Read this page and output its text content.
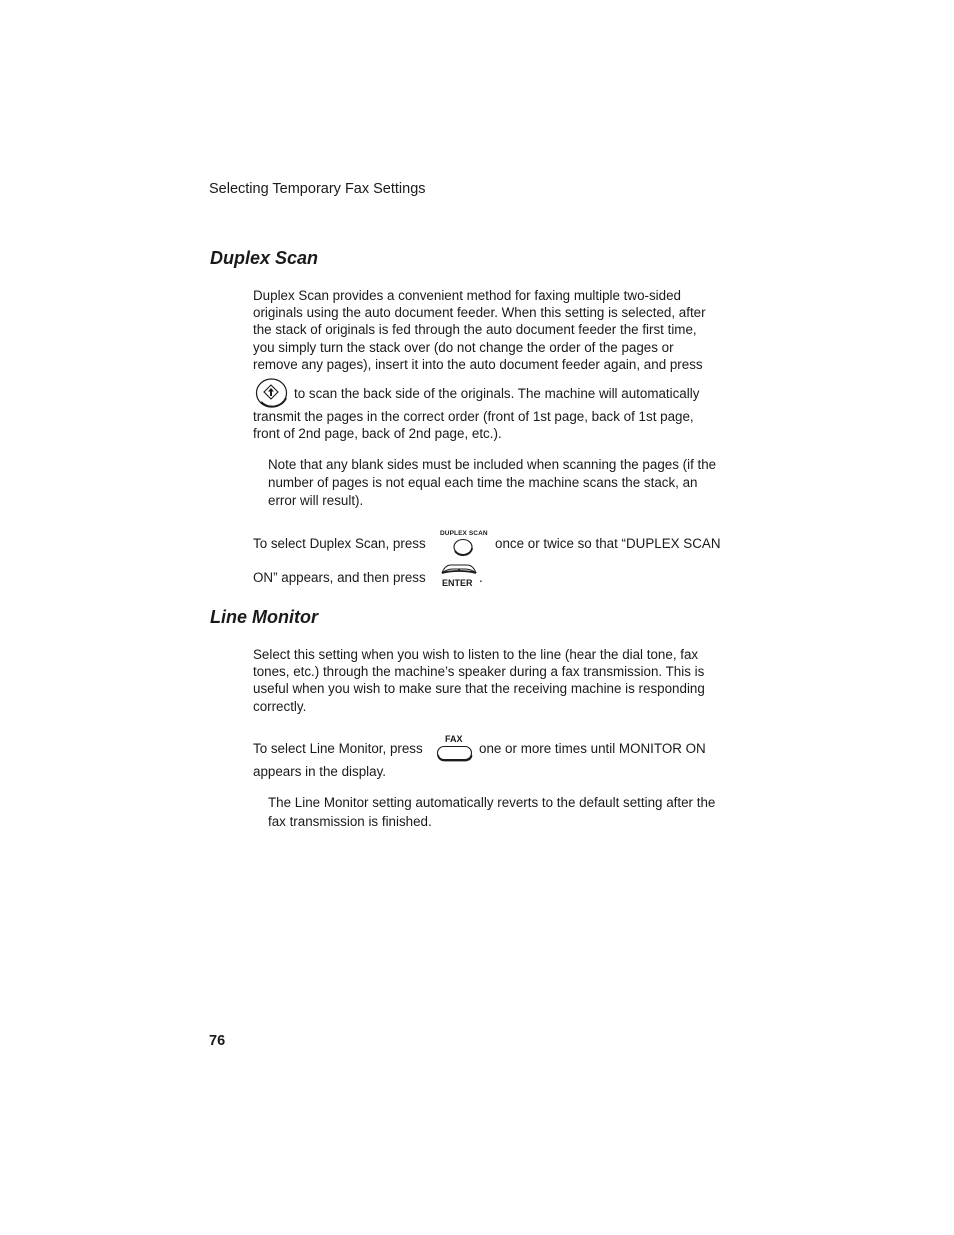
Selecting Temporary Fax Settings
Duplex Scan
Duplex Scan provides a convenient method for faxing multiple two-sided
originals using the auto document feeder. When this setting is selected, after
the stack of originals is fed through the auto document feeder the first time,
you simply turn the stack over (do not change the order of the pages or
remove any pages), insert it into the auto document feeder again, and press
to scan the back side of the originals. The machine will automatically
transmit the pages in the correct order (front of 1st page, back of 1st page,
front of 2nd page, back of 2nd page, etc.).
Note that any blank sides must be included when scanning the pages (if the
number of pages is not equal each time the machine scans the stack, an
error will result).
To select Duplex Scan, press
DUPLEX SCAN
once or twice so that “DUPLEX SCAN
ON” appears, and then press ENTER .
Line Monitor
Select this setting when you wish to listen to the line (hear the dial tone, fax
tones, etc.) through the machine’s speaker during a fax transmission. This is
useful when you wish to make sure that the receiving machine is responding
correctly.
To select Line Monitor, press
FAX
one or more times until MONITOR ON
appears in the display.
The Line Monitor setting automatically reverts to the default setting after the
fax transmission is finished.
76
